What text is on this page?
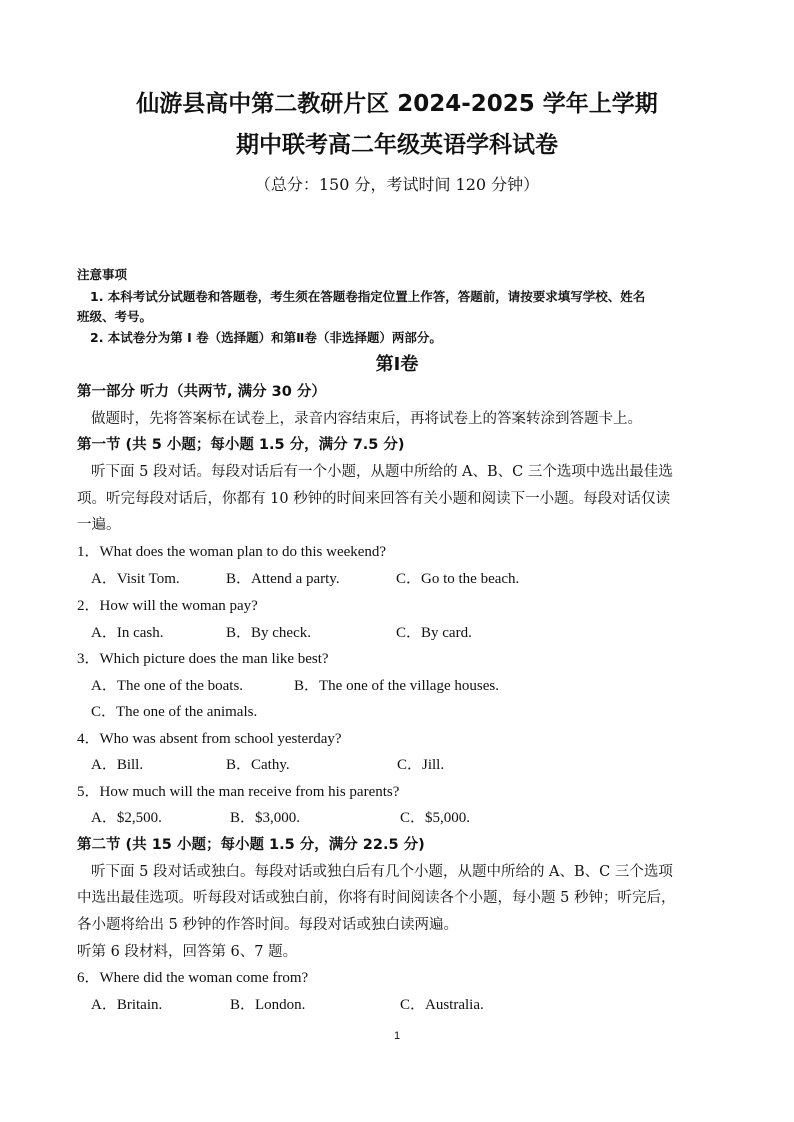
仙游县高中第二教研片区 2024-2025 学年上学期
期中联考高二年级英语学科试卷
（总分：150 分，考试时间 120 分钟）
注意事项
1. 本科考试分试题卷和答题卷，考生须在答题卷指定位置上作答，答题前，请按要求填写学校、姓名
班级、考号。
2. 本试卷分为第 I 卷（选择题）和第Ⅱ卷（非选择题）两部分。
第Ⅰ卷
第一部分 听力（共两节, 满分 30 分）
做题时，先将答案标在试卷上，录音内容结束后，再将试卷上的答案转涂到答题卡上。
第一节 (共 5 小题；每小题 1.5 分，满分 7.5 分)
听下面 5 段对话。每段对话后有一个小题，从题中所给的 A、B、C 三个选项中选出最佳选
项。听完每段对话后，你都有 10 秒钟的时间来回答有关小题和阅读下一小题。每段对话仅读
一遍。
1．What does the woman plan to do this weekend?
A．Visit Tom.	B．Attend a party.	C．Go to the beach.
2．How will the woman pay?
A．In cash.	B．By check.	C．By card.
3．Which picture does the man like best?
A．The one of the boats.	B．The one of the village houses.
C．The one of the animals.
4．Who was absent from school yesterday?
A．Bill.	B．Cathy.	C．Jill.
5．How much will the man receive from his parents?
A．$2,500.	B．$3,000.	C．$5,000.
第二节 (共 15 小题；每小题 1.5 分，满分 22.5 分)
听下面 5 段对话或独白。每段对话或独白后有几个小题，从题中所给的 A、B、C 三个选项
中选出最佳选项。听每段对话或独白前，你将有时间阅读各个小题，每小题 5 秒钟；听完后，
各小题将给出 5 秒钟的作答时间。每段对话或独白读两遍。
听第 6 段材料，回答第 6、7 题。
6．Where did the woman come from?
A．Britain.	B．London.	C．Australia.
1
